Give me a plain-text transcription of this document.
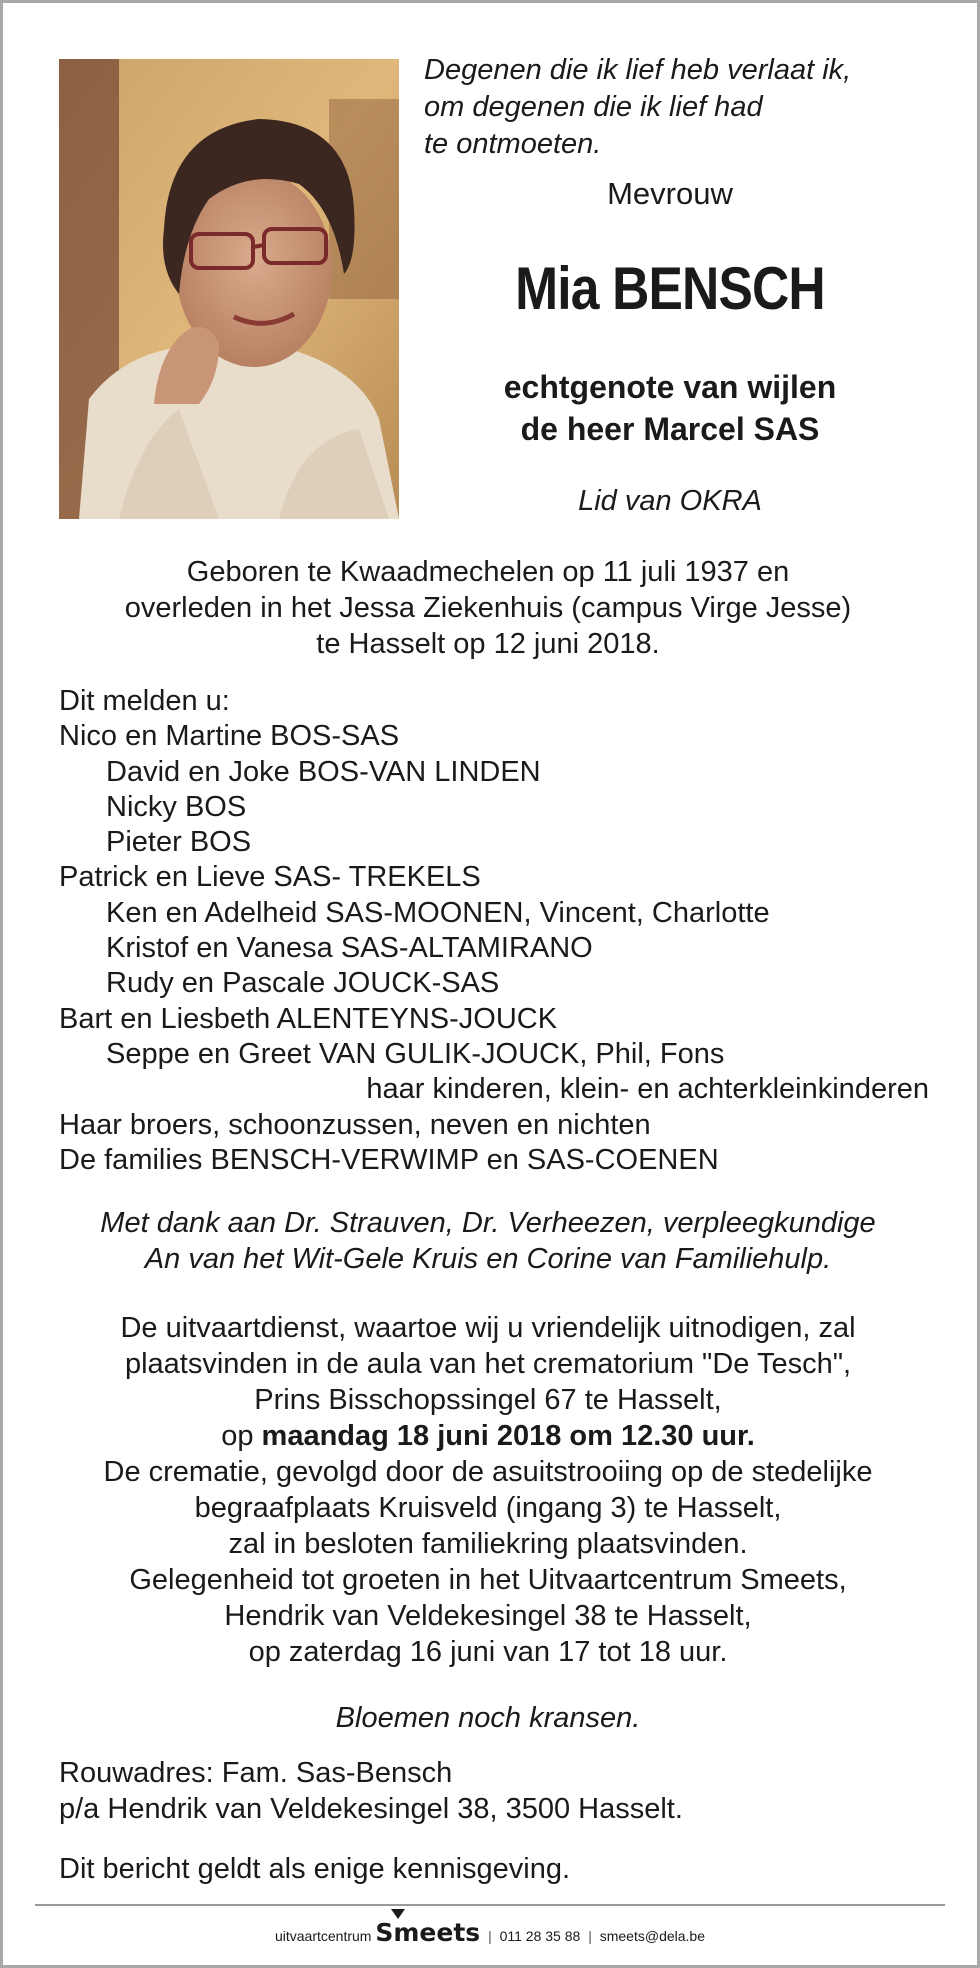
Degenen die ik lief heb verlaat ik,
om degenen die ik lief had
te ontmoeten.
Mevrouw
Mia BENSCH
echtgenote van wijlen
de heer Marcel SAS
Lid van OKRA
Geboren te Kwaadmechelen op 11 juli 1937 en
overleden in het Jessa Ziekenhuis (campus Virge Jesse)
te Hasselt op 12 juni 2018.
Dit melden u:
Nico en Martine BOS-SAS
David en Joke BOS-VAN LINDEN
Nicky BOS
Pieter BOS
Patrick en Lieve SAS- TREKELS
Ken en Adelheid SAS-MOONEN, Vincent, Charlotte
Kristof en Vanesa SAS-ALTAMIRANO
Rudy en Pascale JOUCK-SAS
Bart en Liesbeth ALENTEYNS-JOUCK
Seppe en Greet VAN GULIK-JOUCK, Phil, Fons
haar kinderen, klein- en achterkleinkinderen
Haar broers, schoonzussen, neven en nichten
De families BENSCH-VERWIMP en SAS-COENEN
Met dank aan Dr. Strauven, Dr. Verheezen, verpleegkundige
An van het Wit-Gele Kruis en Corine van Familiehulp.
De uitvaartdienst, waartoe wij u vriendelijk uitnodigen, zal
plaatsvinden in de aula van het crematorium "De Tesch",
Prins Bisschopssingel 67 te Hasselt,
op maandag 18 juni 2018 om 12.30 uur.
De crematie, gevolgd door de asuitstrooiing op de stedelijke
begraafplaats Kruisveld (ingang 3) te Hasselt,
zal in besloten familiekring plaatsvinden.
Gelegenheid tot groeten in het Uitvaartcentrum Smeets,
Hendrik van Veldekesingel 38 te Hasselt,
op zaterdag 16 juni van 17 tot 18 uur.
Bloemen noch kransen.
Rouwadres: Fam. Sas-Bensch
p/a Hendrik van Veldekesingel 38, 3500 Hasselt.
Dit bericht geldt als enige kennisgeving.
uitvaartcentrum Smeets | 011 28 35 88 | smeets@dela.be
